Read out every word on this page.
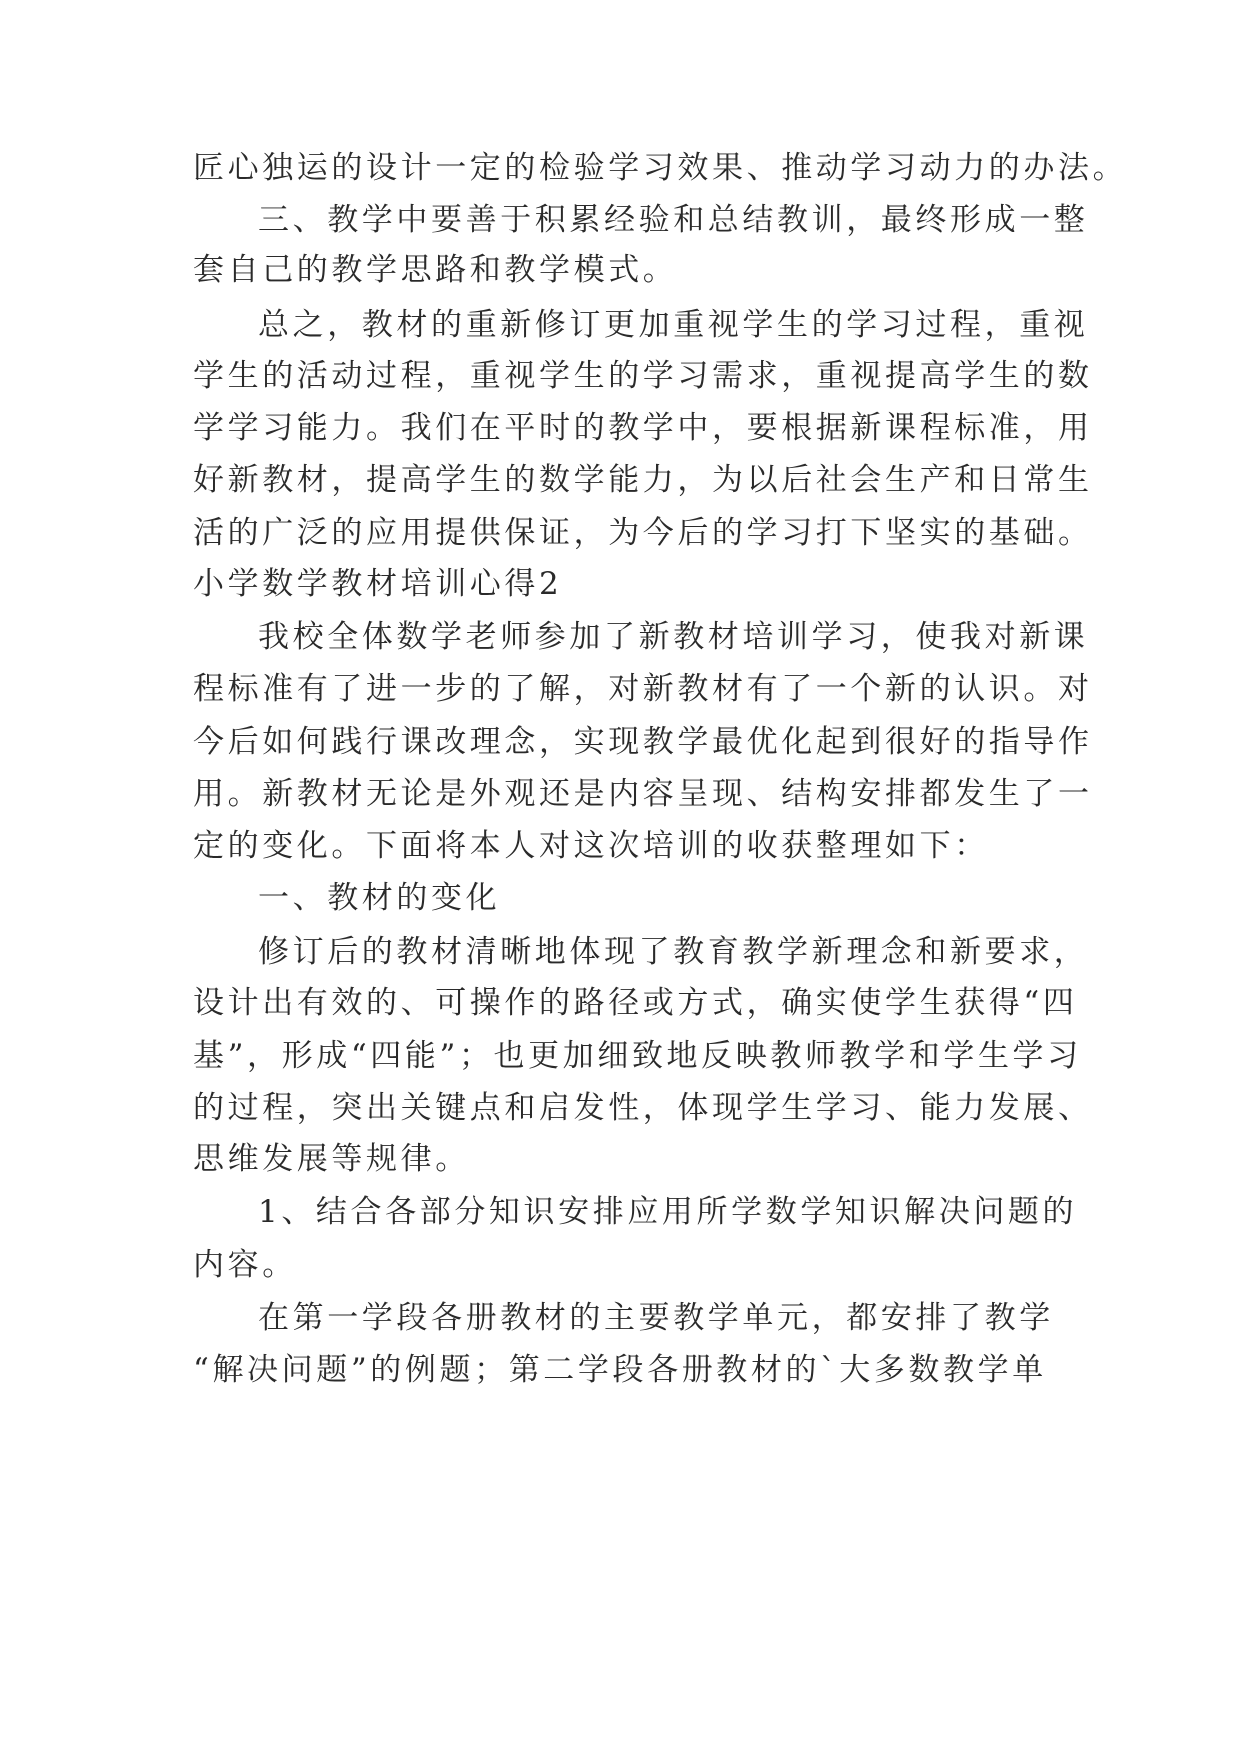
匠心独运的设计一定的检验学习效果、推动学习动力的办法。
三、教学中要善于积累经验和总结教训，最终形成一整
套自己的教学思路和教学模式。
总之，教材的重新修订更加重视学生的学习过程，重视
学生的活动过程，重视学生的学习需求，重视提高学生的数
学学习能力。我们在平时的教学中，要根据新课程标准，用
好新教材，提高学生的数学能力，为以后社会生产和日常生
活的广泛的应用提供保证，为今后的学习打下坚实的基础。
小学数学教材培训心得2
我校全体数学老师参加了新教材培训学习，使我对新课
程标准有了进一步的了解，对新教材有了一个新的认识。对
今后如何践行课改理念，实现教学最优化起到很好的指导作
用。新教材无论是外观还是内容呈现、结构安排都发生了一
定的变化。下面将本人对这次培训的收获整理如下：
一、教材的变化
修订后的教材清晰地体现了教育教学新理念和新要求，
设计出有效的、可操作的路径或方式，确实使学生获得“四
基”，形成“四能”；也更加细致地反映教师教学和学生学习
的过程，突出关键点和启发性，体现学生学习、能力发展、
思维发展等规律。
1、结合各部分知识安排应用所学数学知识解决问题的
内容。
在第一学段各册教材的主要教学单元，都安排了教学
“解决问题”的例题；第二学段各册教材的`大多数教学单
